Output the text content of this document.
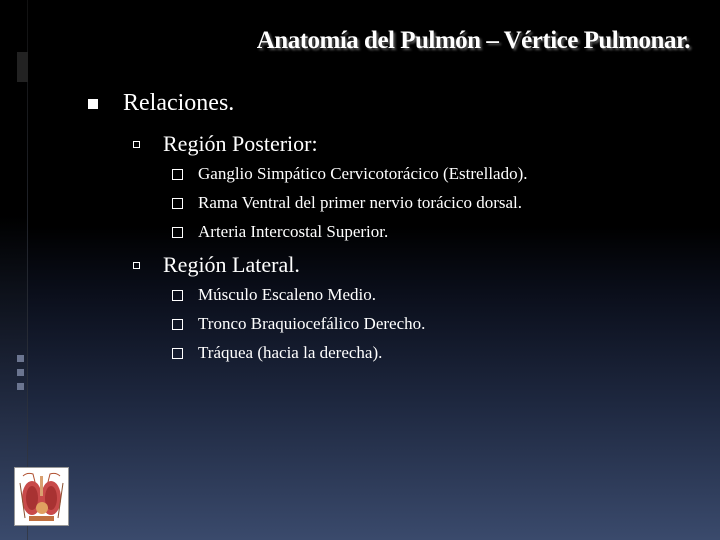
Anatomía del Pulmón – Vértice Pulmonar.
Relaciones.
Región Posterior:
Ganglio Simpático Cervicotorácico (Estrellado).
Rama Ventral del primer nervio torácico dorsal.
Arteria Intercostal Superior.
Región Lateral.
Músculo Escaleno Medio.
Tronco Braquiocefálico Derecho.
Tráquea (hacia la derecha).
